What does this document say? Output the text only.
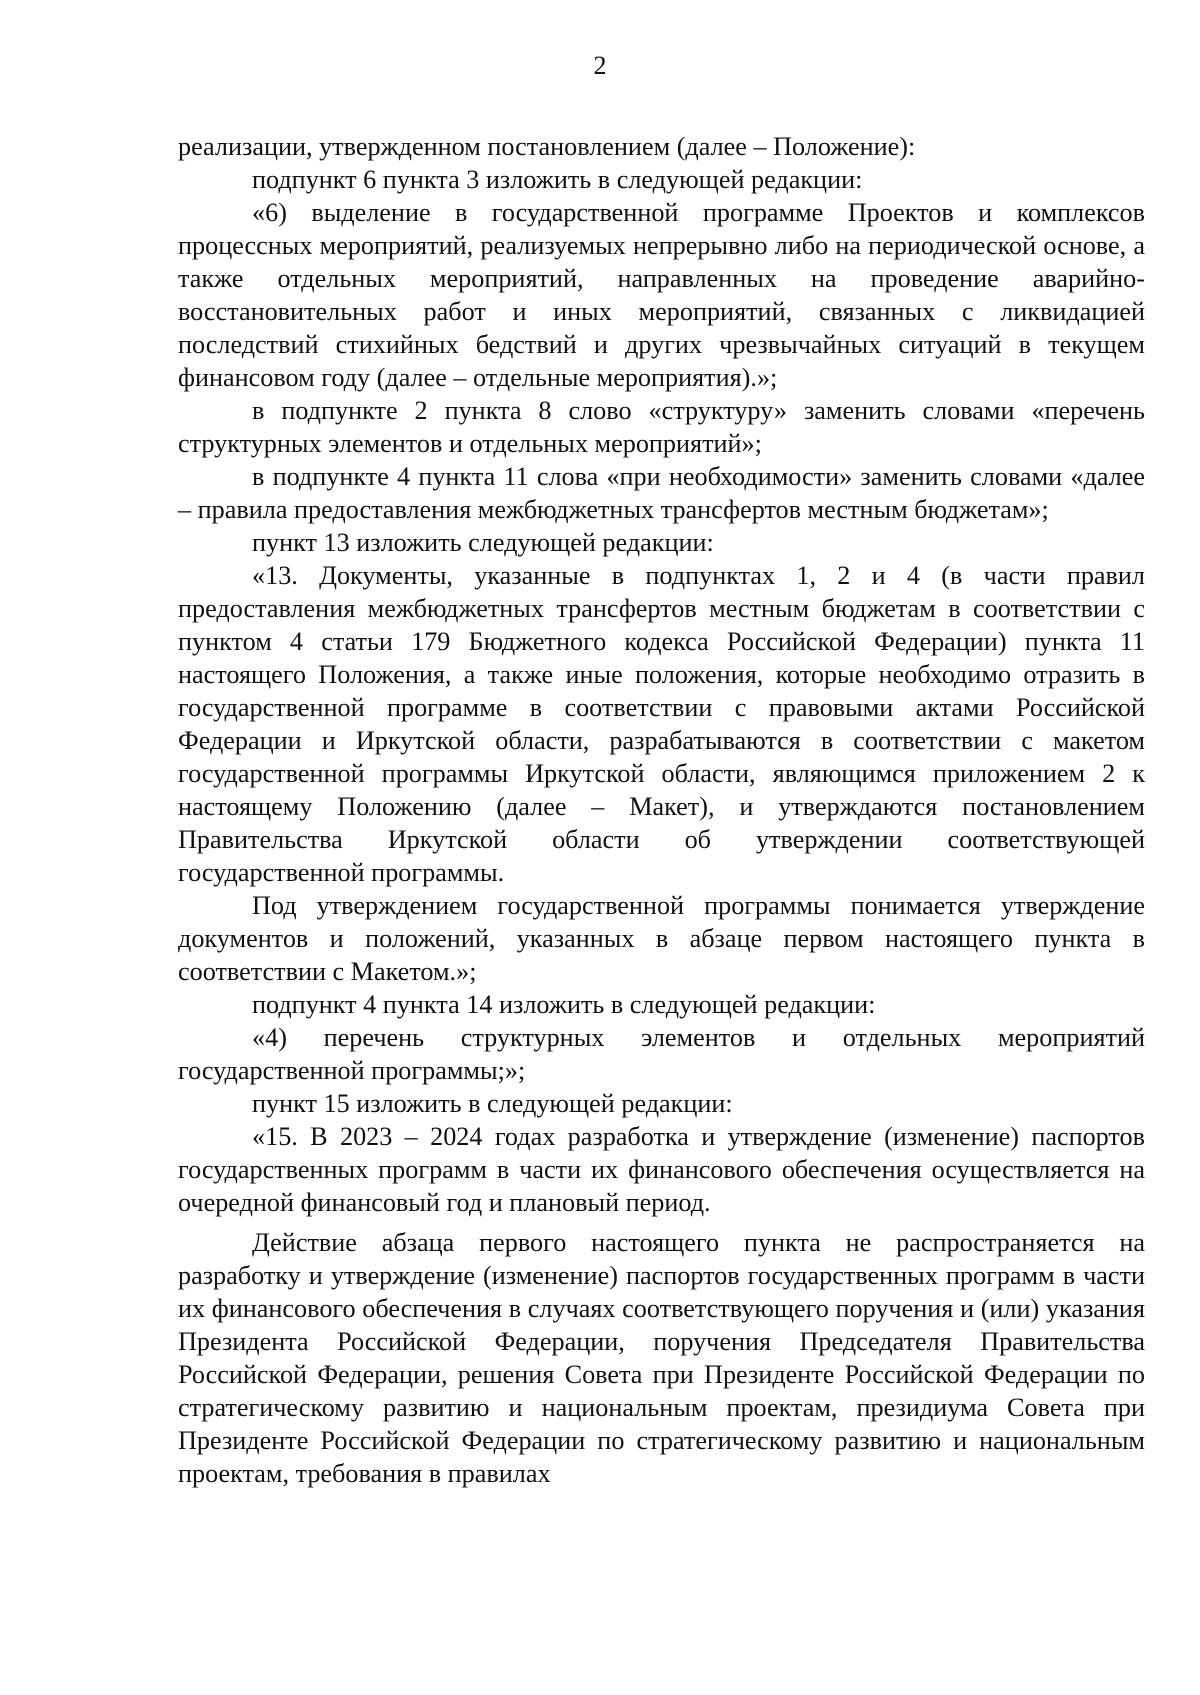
2

реализации, утвержденном постановлением (далее – Положение):

подпункт 6 пункта 3 изложить в следующей редакции:

«6) выделение в государственной программе Проектов и комплексов процессных мероприятий, реализуемых непрерывно либо на периодической основе, а также отдельных мероприятий, направленных на проведение аварийно-восстановительных работ и иных мероприятий, связанных с ликвидацией последствий стихийных бедствий и других чрезвычайных ситуаций в текущем финансовом году (далее – отдельные мероприятия).»;

в подпункте 2 пункта 8 слово «структуру» заменить словами «перечень структурных элементов и отдельных мероприятий»;

в подпункте 4 пункта 11 слова «при необходимости» заменить словами «далее – правила предоставления межбюджетных трансфертов местным бюджетам»;

пункт 13 изложить следующей редакции:

«13. Документы, указанные в подпунктах 1, 2 и 4 (в части правил предоставления межбюджетных трансфертов местным бюджетам в соответствии с пунктом 4 статьи 179 Бюджетного кодекса Российской Федерации) пункта 11 настоящего Положения, а также иные положения, которые необходимо отразить в государственной программе в соответствии с правовыми актами Российской Федерации и Иркутской области, разрабатываются в соответствии с макетом государственной программы Иркутской области, являющимся приложением 2 к настоящему Положению (далее – Макет), и утверждаются постановлением Правительства Иркутской области об утверждении соответствующей государственной программы.

Под утверждением государственной программы понимается утверждение документов и положений, указанных в абзаце первом настоящего пункта в соответствии с Макетом.»;

подпункт 4 пункта 14 изложить в следующей редакции:

«4) перечень структурных элементов и отдельных мероприятий государственной программы;»;

пункт 15 изложить в следующей редакции:

«15. В 2023 – 2024 годах разработка и утверждение (изменение) паспортов государственных программ в части их финансового обеспечения осуществляется на очередной финансовый год и плановый период.

Действие абзаца первого настоящего пункта не распространяется на разработку и утверждение (изменение) паспортов государственных программ в части их финансового обеспечения в случаях соответствующего поручения и (или) указания Президента Российской Федерации, поручения Председателя Правительства Российской Федерации, решения Совета при Президенте Российской Федерации по стратегическому развитию и национальным проектам, президиума Совета при Президенте Российской Федерации по стратегическому развитию и национальным проектам, требования в правилах
